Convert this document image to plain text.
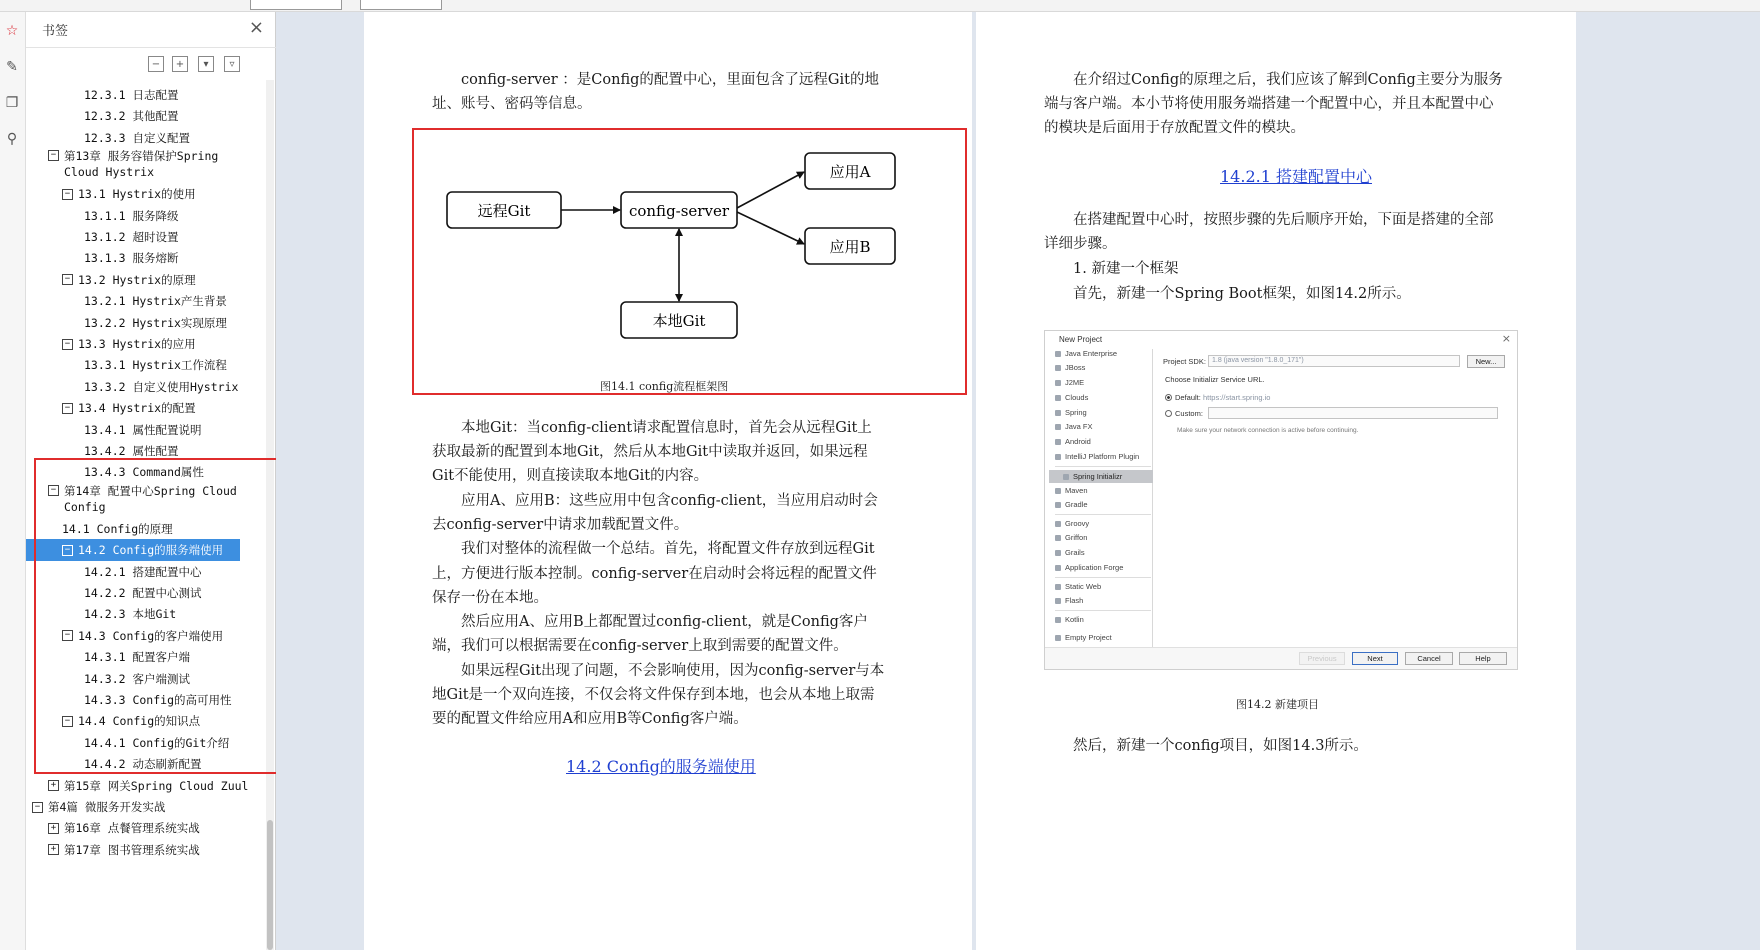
☆
✎
❐
⚲
书签	×
−	+	▾	▿
12.3.1 日志配置
12.3.2 其他配置
12.3.3 自定义配置
− 第13章 服务容错保护Spring Cloud Hystrix
− 13.1 Hystrix的使用
13.1.1 服务降级
13.1.2 超时设置
13.1.3 服务熔断
− 13.2 Hystrix的原理
13.2.1 Hystrix产生背景
13.2.2 Hystrix实现原理
− 13.3 Hystrix的应用
13.3.1 Hystrix工作流程
13.3.2 自定义使用Hystrix
− 13.4 Hystrix的配置
13.4.1 属性配置说明
13.4.2 属性配置
13.4.3 Command属性
− 第14章 配置中心Spring Cloud Config
14.1 Config的原理
− 14.2 Config的服务端使用
14.2.1 搭建配置中心
14.2.2 配置中心测试
14.2.3 本地Git
− 14.3 Config的客户端使用
14.3.1 配置客户端
14.3.2 客户端测试
14.3.3 Config的高可用性
− 14.4 Config的知识点
14.4.1 Config的Git介绍
14.4.2 动态刷新配置
+ 第15章 网关Spring Cloud Zuul
− 第4篇 微服务开发实战
+ 第16章 点餐管理系统实战
+ 第17章 图书管理系统实战
config-server ：是Config的配置中心，里面包含了远程Git的地
址、账号、密码等信息。
远程Git	config-server
应用A
应用B
本地Git
图14.1 config流程框架图
本地Git：当config-client请求配置信息时，首先会从远程Git上
获取最新的配置到本地Git，然后从本地Git中读取并返回，如果远程
Git不能使用，则直接读取本地Git的内容。
应用A、应用B：这些应用中包含config-client，当应用启动时会
去config-server中请求加载配置文件。
我们对整体的流程做一个总结。首先，将配置文件存放到远程Git
上，方便进行版本控制。config-server在启动时会将远程的配置文件
保存一份在本地。
然后应用A、应用B上都配置过config-client，就是Config客户
端，我们可以根据需要在config-server上取到需要的配置文件。
如果远程Git出现了问题，不会影响使用，因为config-server与本
地Git是一个双向连接，不仅会将文件保存到本地，也会从本地上取需
要的配置文件给应用A和应用B等Config客户端。
14.2 Config的服务端使用
在介绍过Config的原理之后，我们应该了解到Config主要分为服务
端与客户端。本小节将使用服务端搭建一个配置中心，并且本配置中心
的模块是后面用于存放配置文件的模块。
14.2.1 搭建配置中心
在搭建配置中心时，按照步骤的先后顺序开始，下面是搭建的全部
详细步骤。
1. 新建一个框架
首先，新建一个Spring Boot框架，如图14.2所示。
New Project	×
Java Enterprise
JBoss
J2ME
Clouds
Spring
Java FX
Android
IntelliJ Platform Plugin
Spring Initializr
Maven
Gradle
Groovy
Griffon
Grails
Application Forge
Static Web
Flash
Kotlin
Empty Project
Project SDK: 1.8 (java version "1.8.0_171")	New...
Choose Initializr Service URL.
Default: https://start.spring.io
Custom:
Make sure your network connection is active before continuing.
Previous	Next	Cancel	Help
图14.2 新建项目
然后，新建一个config项目，如图14.3所示。
